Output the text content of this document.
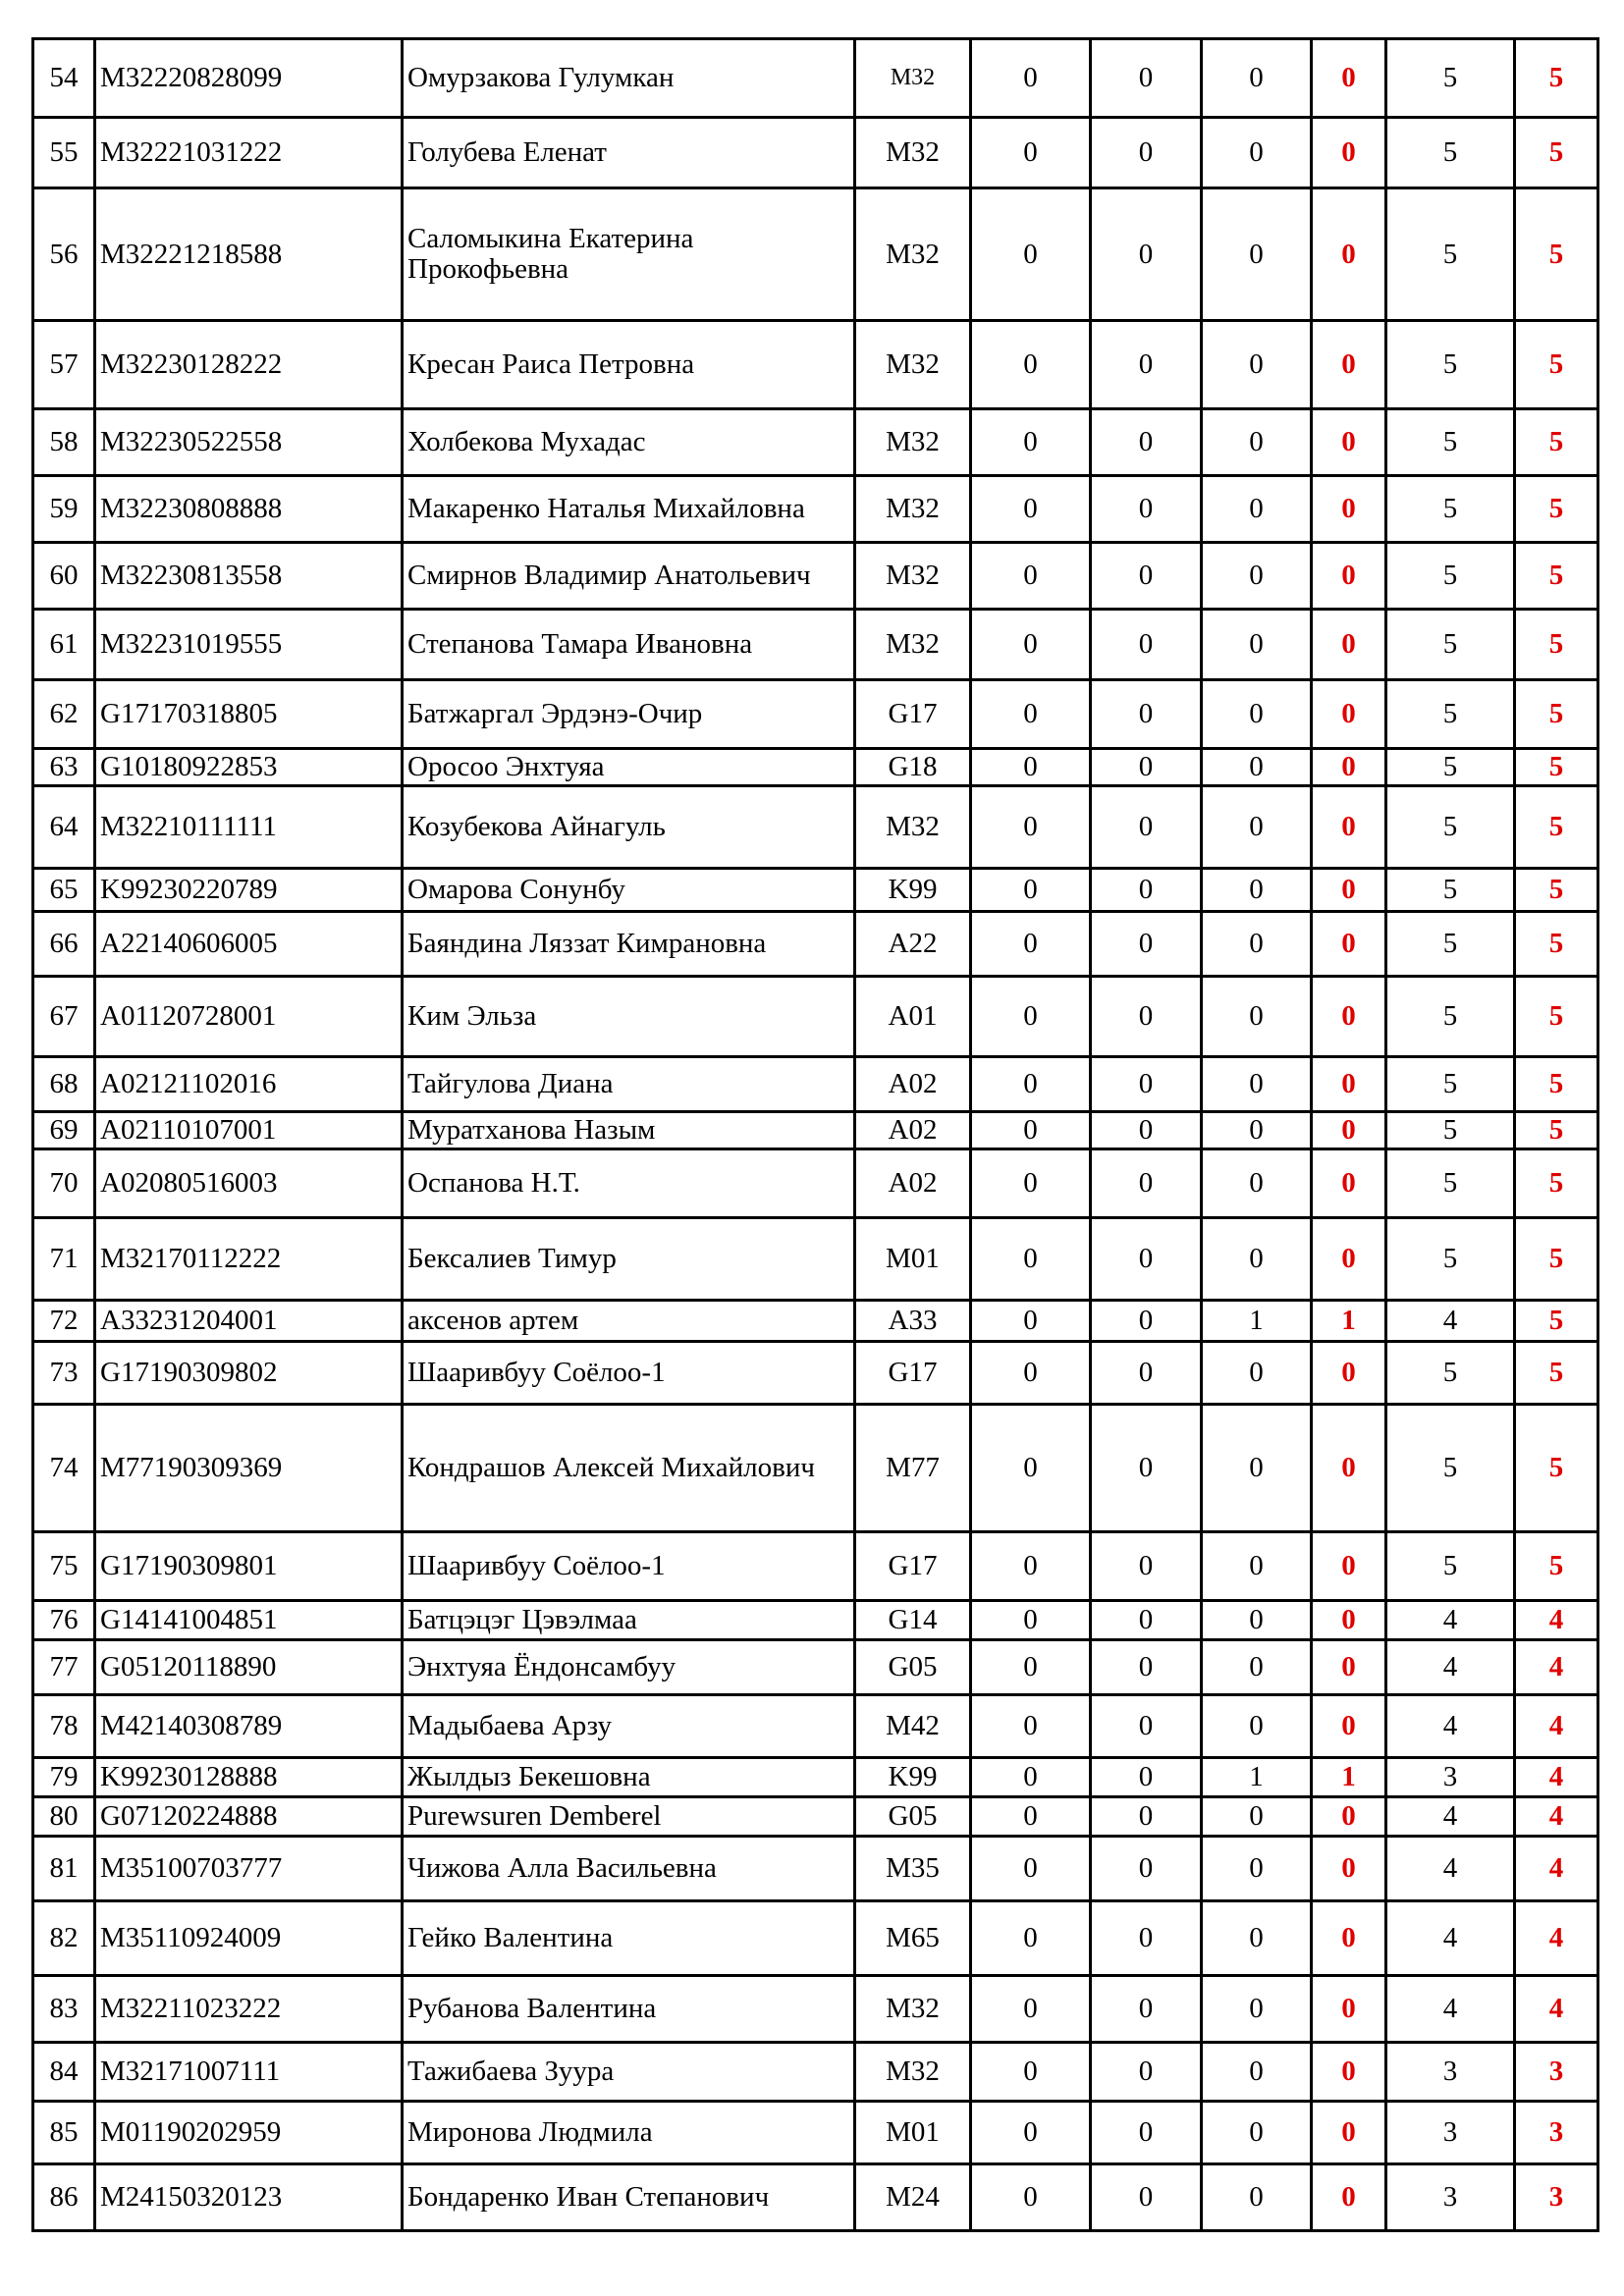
54	M32220828099	Омурзакова Гулумкан	M32	0	0	0	0	5	5
55	M32221031222	Голубева Еленат	M32	0	0	0	0	5	5
56	M32221218588	Саломыкина Екатерина Прокофьевна	M32	0	0	0	0	5	5
57	M32230128222	Кресан Раиса Петровна	M32	0	0	0	0	5	5
58	M32230522558	Холбекова Мухадас	M32	0	0	0	0	5	5
59	M32230808888	Макаренко Наталья Михайловна	M32	0	0	0	0	5	5
60	M32230813558	Смирнов Владимир Анатольевич	M32	0	0	0	0	5	5
61	M32231019555	Степанова Тамара Ивановна	M32	0	0	0	0	5	5
62	G17170318805	Батжаргал Эрдэнэ-Очир	G17	0	0	0	0	5	5
63	G10180922853	Оросоо Энхтуяа	G18	0	0	0	0	5	5
64	M32210111111	Козубекова Айнагуль	M32	0	0	0	0	5	5
65	K99230220789	Омарова Сонунбу	K99	0	0	0	0	5	5
66	A22140606005	Баяндина Ляззат Кимрановна	A22	0	0	0	0	5	5
67	A01120728001	Ким Эльза	A01	0	0	0	0	5	5
68	A02121102016	Тайгулова Диана	A02	0	0	0	0	5	5
69	A02110107001	Муратханова Назым	A02	0	0	0	0	5	5
70	A02080516003	Оспанова Н.Т.	A02	0	0	0	0	5	5
71	M32170112222	Бексалиев Тимур	M01	0	0	0	0	5	5
72	A33231204001	аксенов артем	A33	0	0	1	1	4	5
73	G17190309802	Шааривбуу Соёлоо-1	G17	0	0	0	0	5	5
74	M77190309369	Кондрашов Алексей Михайлович	M77	0	0	0	0	5	5
75	G17190309801	Шааривбуу Соёлоо-1	G17	0	0	0	0	5	5
76	G14141004851	Батцэцэг Цэвэлмаа	G14	0	0	0	0	4	4
77	G05120118890	Энхтуяа Ёндонсамбуу	G05	0	0	0	0	4	4
78	M42140308789	Мадыбаева Арзу	M42	0	0	0	0	4	4
79	K99230128888	Жылдыз Бекешовна	K99	0	0	1	1	3	4
80	G07120224888	Purewsuren Demberel	G05	0	0	0	0	4	4
81	M35100703777	Чижова Алла Васильевна	M35	0	0	0	0	4	4
82	M35110924009	Гейко Валентина	M65	0	0	0	0	4	4
83	M32211023222	Рубанова Валентина	M32	0	0	0	0	4	4
84	M32171007111	Тажибаева Зуура	M32	0	0	0	0	3	3
85	M01190202959	Миронова Людмила	M01	0	0	0	0	3	3
86	M24150320123	Бондаренко Иван Степанович	M24	0	0	0	0	3	3
